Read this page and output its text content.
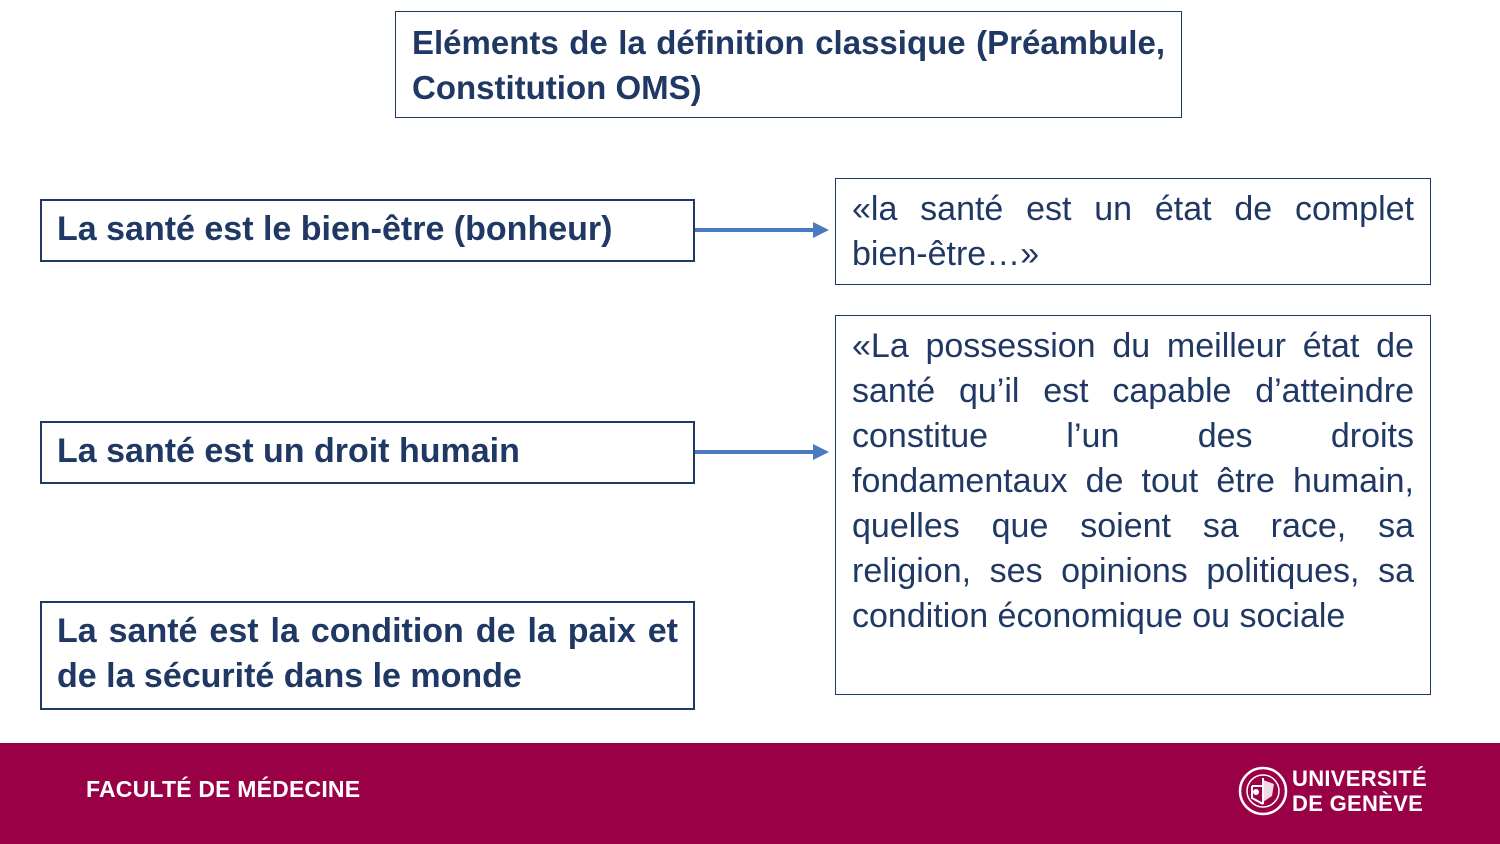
Eléments de la définition classique (Préambule, Constitution OMS)
La santé est le bien-être (bonheur)
La santé est un droit humain
La santé est la condition de la paix et de la sécurité dans le monde
«la santé est un état de complet bien-être…»
«La possession du meilleur état de santé qu’il est capable d’atteindre constitue l’un des droits fondamentaux de tout être humain, quelles que soient sa race, sa religion, ses opinions politiques, sa condition économique ou sociale
FACULTÉ DE MÉDECINE	UNIVERSITÉ
DE GENÈVE
